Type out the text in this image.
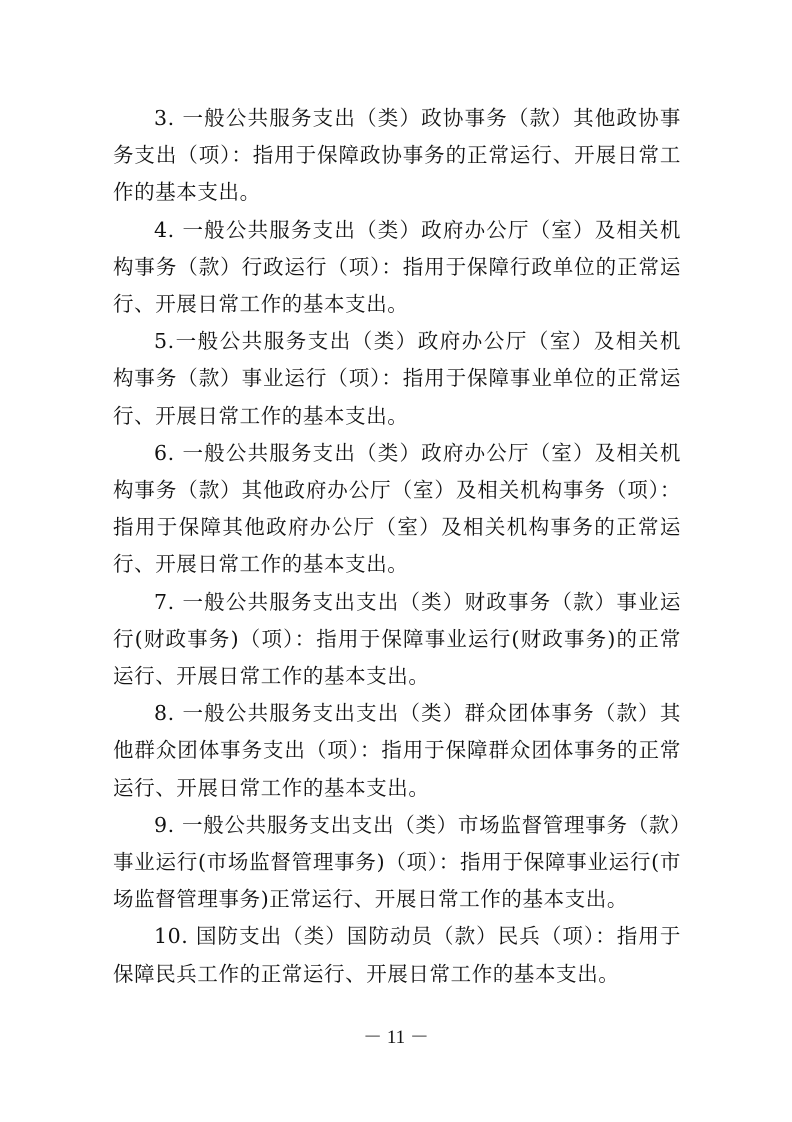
3. 一般公共服务支出（类）政协事务（款）其他政协事务支出（项）：指用于保障政协事务的正常运行、开展日常工作的基本支出。

4. 一般公共服务支出（类）政府办公厅（室）及相关机构事务（款）行政运行（项）：指用于保障行政单位的正常运行、开展日常工作的基本支出。

5.一般公共服务支出（类）政府办公厅（室）及相关机构事务（款）事业运行（项）：指用于保障事业单位的正常运行、开展日常工作的基本支出。

6. 一般公共服务支出（类）政府办公厅（室）及相关机构事务（款）其他政府办公厅（室）及相关机构事务（项）：指用于保障其他政府办公厅（室）及相关机构事务的正常运行、开展日常工作的基本支出。

7. 一般公共服务支出支出（类）财政事务（款）事业运行(财政事务)（项）：指用于保障事业运行(财政事务)的正常运行、开展日常工作的基本支出。

8. 一般公共服务支出支出（类）群众团体事务（款）其他群众团体事务支出（项）：指用于保障群众团体事务的正常运行、开展日常工作的基本支出。

9. 一般公共服务支出支出（类）市场监督管理事务（款）事业运行(市场监督管理事务)（项）：指用于保障事业运行(市场监督管理事务)正常运行、开展日常工作的基本支出。

10. 国防支出（类）国防动员（款）民兵（项）：指用于保障民兵工作的正常运行、开展日常工作的基本支出。

－ 11 －
